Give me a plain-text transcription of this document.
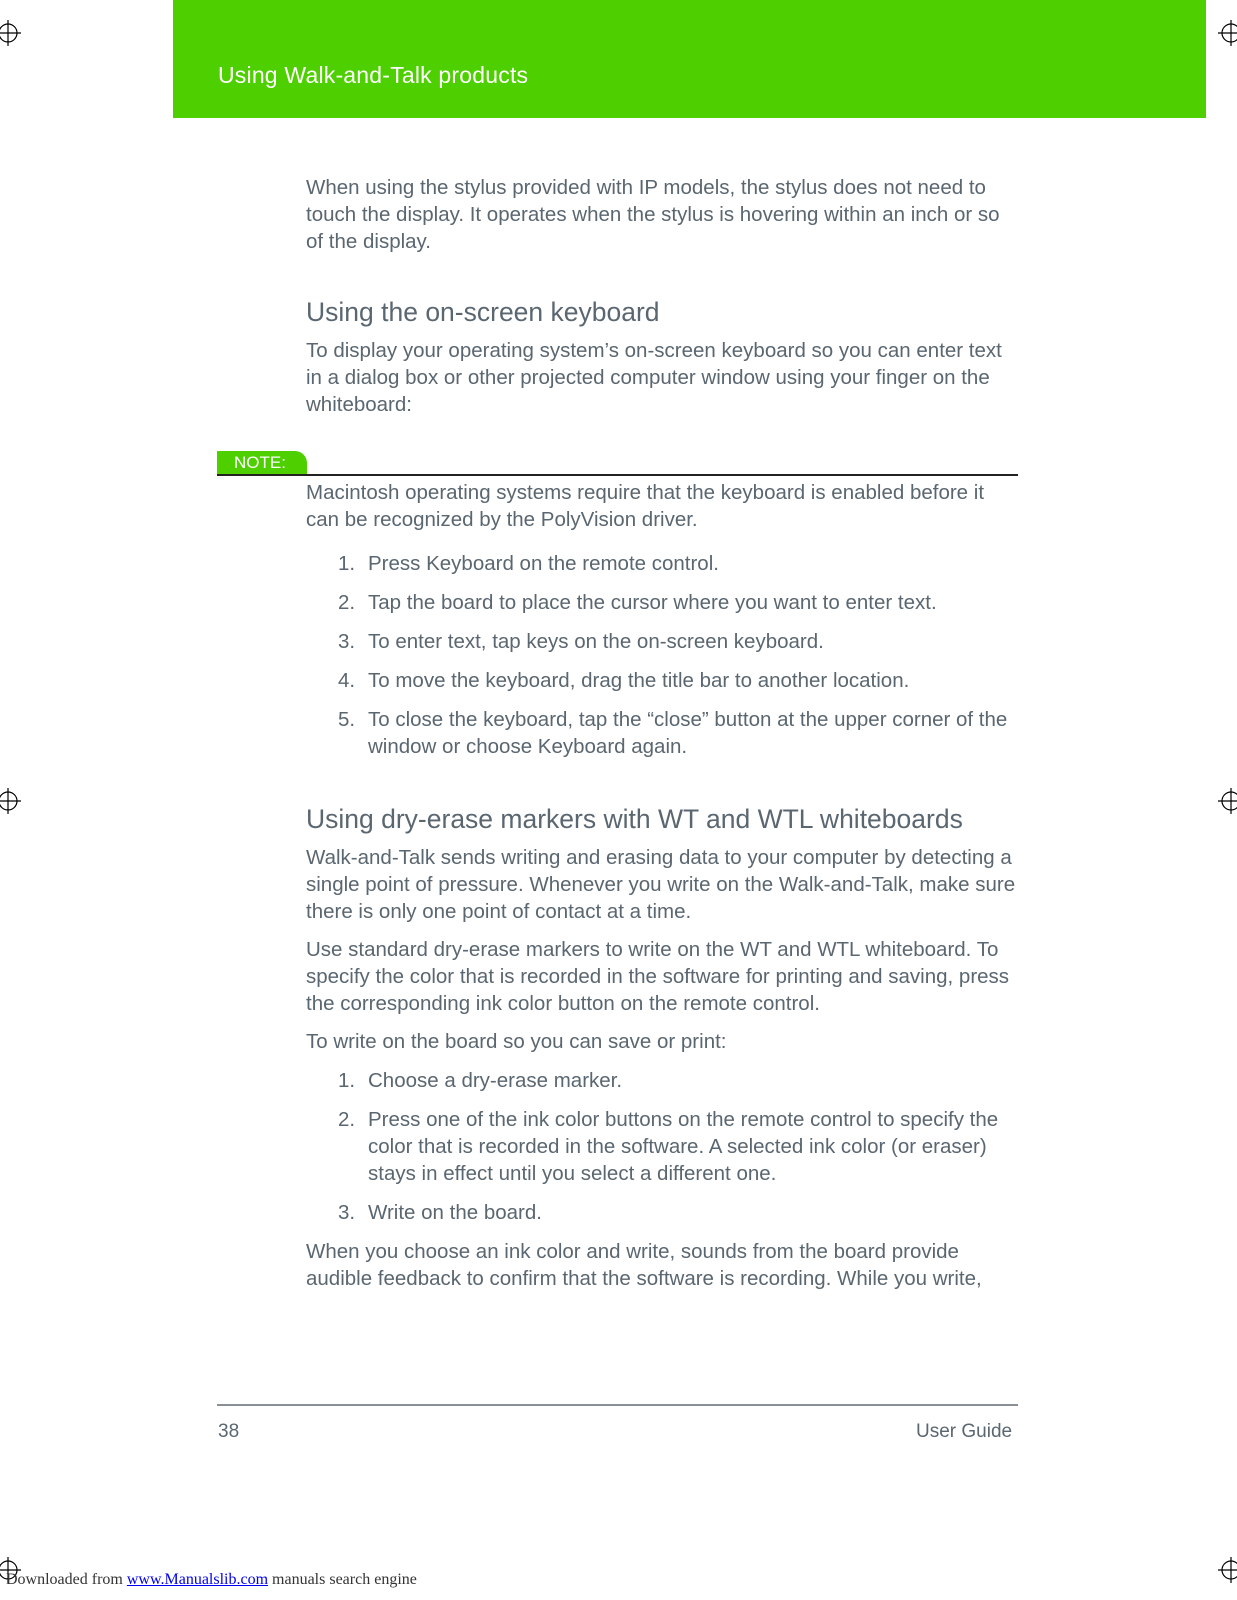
Using Walk-and-Talk products

When using the stylus provided with IP models, the stylus does not need to touch the display. It operates when the stylus is hovering within an inch or so of the display.

Using the on-screen keyboard

To display your operating system’s on-screen keyboard so you can enter text in a dialog box or other projected computer window using your finger on the whiteboard:

NOTE:

Macintosh operating systems require that the keyboard is enabled before it can be recognized by the PolyVision driver.

1. Press Keyboard on the remote control.
2. Tap the board to place the cursor where you want to enter text.
3. To enter text, tap keys on the on-screen keyboard.
4. To move the keyboard, drag the title bar to another location.
5. To close the keyboard, tap the “close” button at the upper corner of the window or choose Keyboard again.
Using dry-erase markers with WT and WTL whiteboards

Walk-and-Talk sends writing and erasing data to your computer by detecting a single point of pressure. Whenever you write on the Walk-and-Talk, make sure there is only one point of contact at a time.

Use standard dry-erase markers to write on the WT and WTL whiteboard. To specify the color that is recorded in the software for printing and saving, press the corresponding ink color button on the remote control.

To write on the board so you can save or print:

1. Choose a dry-erase marker.
2. Press one of the ink color buttons on the remote control to specify the color that is recorded in the software. A selected ink color (or eraser) stays in effect until you select a different one.
3. Write on the board.

When you choose an ink color and write, sounds from the board provide audible feedback to confirm that the software is recording. While you write,

38	User Guide
Downloaded from www.Manualslib.com manuals search engine
